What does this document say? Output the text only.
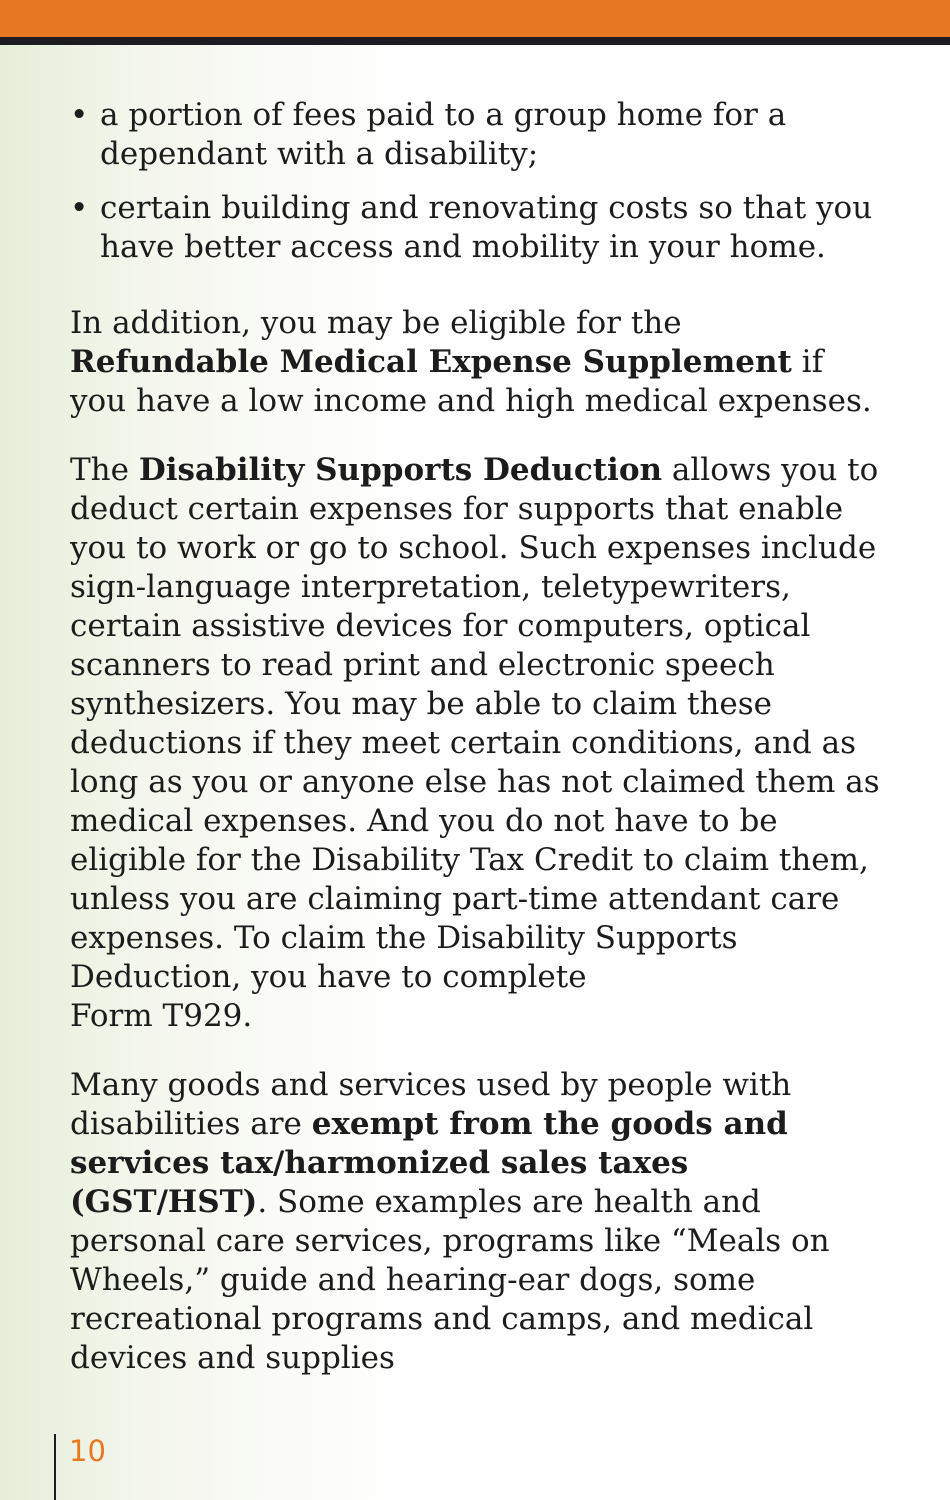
• a portion of fees paid to a group home for a dependant with a disability;
• certain building and renovating costs so that you have better access and mobility in your home.

In addition, you may be eligible for the Refundable Medical Expense Supplement if you have a low income and high medical expenses.

The Disability Supports Deduction allows you to deduct certain expenses for supports that enable you to work or go to school. Such expenses include sign-language interpretation, teletypewriters, certain assistive devices for computers, optical scanners to read print and electronic speech synthesizers. You may be able to claim these deductions if they meet certain conditions, and as long as you or anyone else has not claimed them as medical expenses. And you do not have to be eligible for the Disability Tax Credit to claim them, unless you are claiming part-time attendant care expenses. To claim the Disability Supports Deduction, you have to complete
Form T929.

Many goods and services used by people with disabilities are exempt from the goods and services tax/harmonized sales taxes (GST/HST). Some examples are health and personal care services, programs like “Meals on Wheels,” guide and hearing-ear dogs, some recreational programs and camps, and medical devices and supplies

10
